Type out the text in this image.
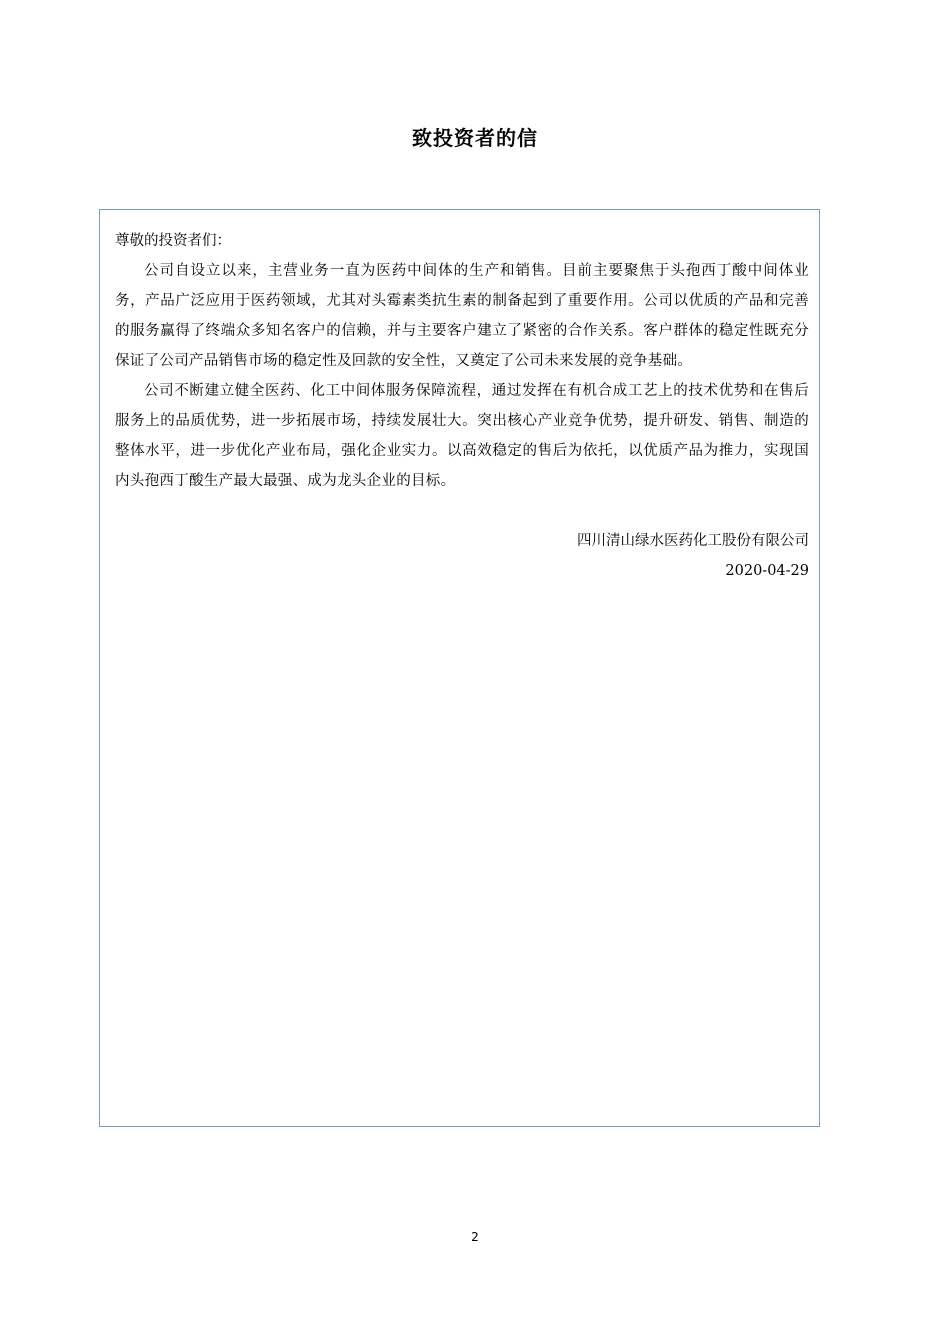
致投资者的信

尊敬的投资者们：

公司自设立以来，主营业务一直为医药中间体的生产和销售。目前主要聚焦于头孢西丁酸中间体业务，产品广泛应用于医药领域，尤其对头霉素类抗生素的制备起到了重要作用。公司以优质的产品和完善的服务赢得了终端众多知名客户的信赖，并与主要客户建立了紧密的合作关系。客户群体的稳定性既充分保证了公司产品销售市场的稳定性及回款的安全性，又奠定了公司未来发展的竞争基础。

公司不断建立健全医药、化工中间体服务保障流程，通过发挥在有机合成工艺上的技术优势和在售后服务上的品质优势，进一步拓展市场，持续发展壮大。突出核心产业竞争优势，提升研发、销售、制造的整体水平，进一步优化产业布局，强化企业实力。以高效稳定的售后为依托，以优质产品为推力，实现国内头孢西丁酸生产最大最强、成为龙头企业的目标。

四川清山绿水医药化工股份有限公司
2020-04-29
2
